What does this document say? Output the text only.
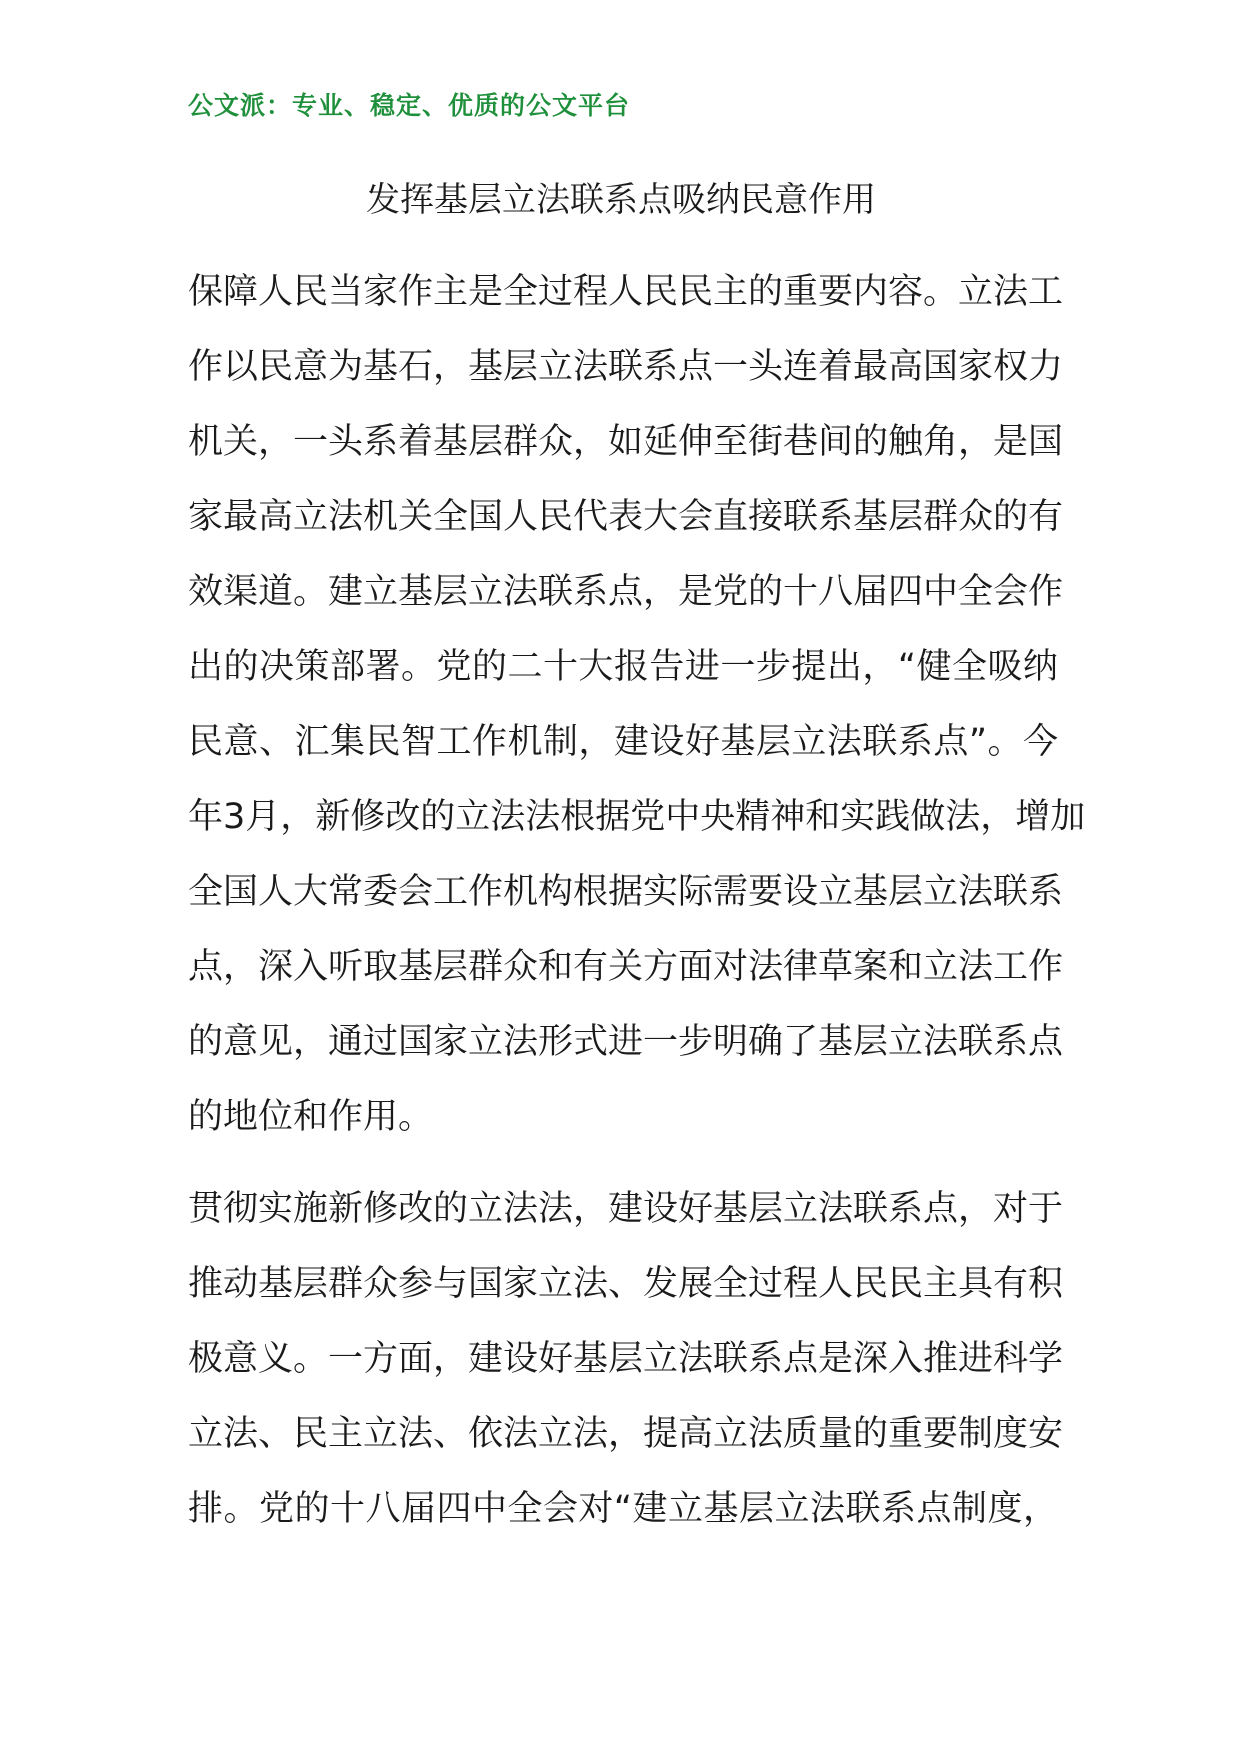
公文派：专业、稳定、优质的公文平台
发挥基层立法联系点吸纳民意作用
保障人民当家作主是全过程人民民主的重要内容。立法工
作以民意为基石，基层立法联系点一头连着最高国家权力
机关，一头系着基层群众，如延伸至街巷间的触角，是国
家最高立法机关全国人民代表大会直接联系基层群众的有
效渠道。建立基层立法联系点，是党的十八届四中全会作
出的决策部署。党的二十大报告进一步提出，“健全吸纳
民意、汇集民智工作机制，建设好基层立法联系点”。今
年3月，新修改的立法法根据党中央精神和实践做法，增加
全国人大常委会工作机构根据实际需要设立基层立法联系
点，深入听取基层群众和有关方面对法律草案和立法工作
的意见，通过国家立法形式进一步明确了基层立法联系点
的地位和作用。
贯彻实施新修改的立法法，建设好基层立法联系点，对于
推动基层群众参与国家立法、发展全过程人民民主具有积
极意义。一方面，建设好基层立法联系点是深入推进科学
立法、民主立法、依法立法，提高立法质量的重要制度安
排。党的十八届四中全会对“建立基层立法联系点制度，
